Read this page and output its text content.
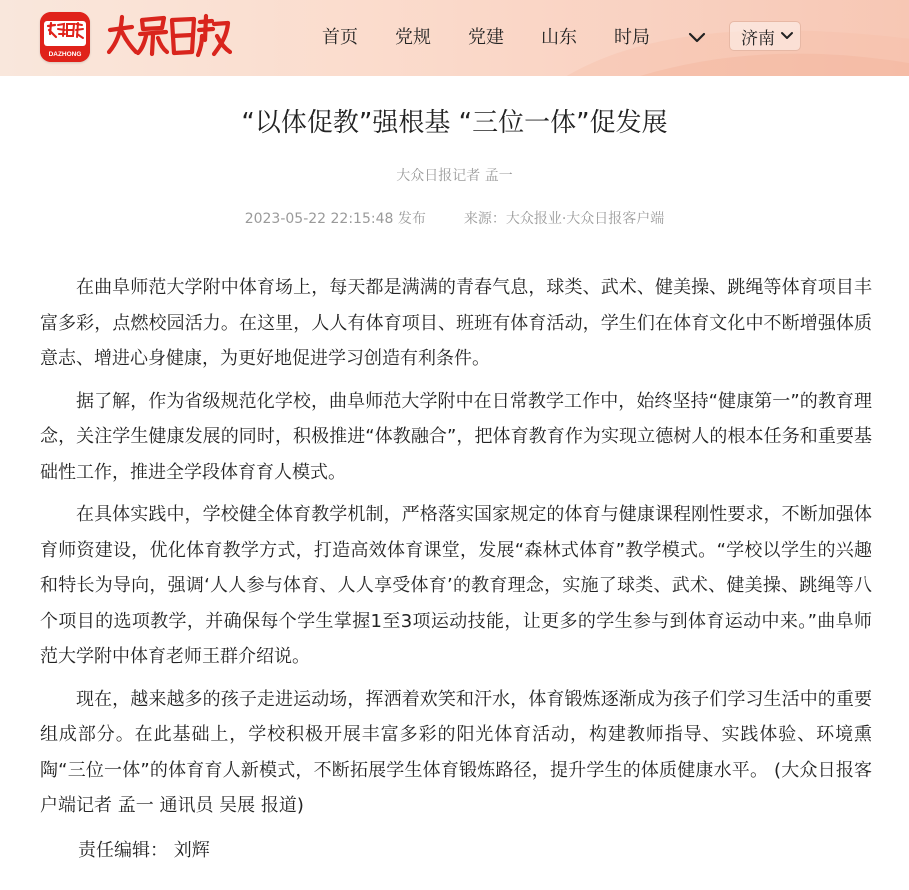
DAZHONG
首页 党规 党建 山东 时局	济南
“以体促教”强根基 “三位一体”促发展
大众日报记者 孟一
2023-05-22 22:15:48 发布	来源：大众报业·大众日报客户端

在曲阜师范大学附中体育场上，每天都是满满的青春气息，球类、武术、健美操、跳绳等体育项目丰富多彩，点燃校园活力。在这里，人人有体育项目、班班有体育活动，学生们在体育文化中不断增强体质意志、增进心身健康，为更好地促进学习创造有利条件。

据了解，作为省级规范化学校，曲阜师范大学附中在日常教学工作中，始终坚持“健康第一”的教育理念，关注学生健康发展的同时，积极推进“体教融合”，把体育教育作为实现立德树人的根本任务和重要基础性工作，推进全学段体育育人模式。

在具体实践中，学校健全体育教学机制，严格落实国家规定的体育与健康课程刚性要求，不断加强体育师资建设，优化体育教学方式，打造高效体育课堂，发展“森林式体育”教学模式。“学校以学生的兴趣和特长为导向，强调‘人人参与体育、人人享受体育’的教育理念，实施了球类、武术、健美操、跳绳等八个项目的选项教学，并确保每个学生掌握1至3项运动技能，让更多的学生参与到体育运动中来。”曲阜师范大学附中体育老师王群介绍说。

现在，越来越多的孩子走进运动场，挥洒着欢笑和汗水，体育锻炼逐渐成为孩子们学习生活中的重要组成部分。在此基础上，学校积极开展丰富多彩的阳光体育活动，构建教师指导、实践体验、环境熏陶“三位一体”的体育育人新模式，不断拓展学生体育锻炼路径，提升学生的体质健康水平。 (大众日报客户端记者 孟一 通讯员 吴展 报道)

责任编辑： 刘辉
